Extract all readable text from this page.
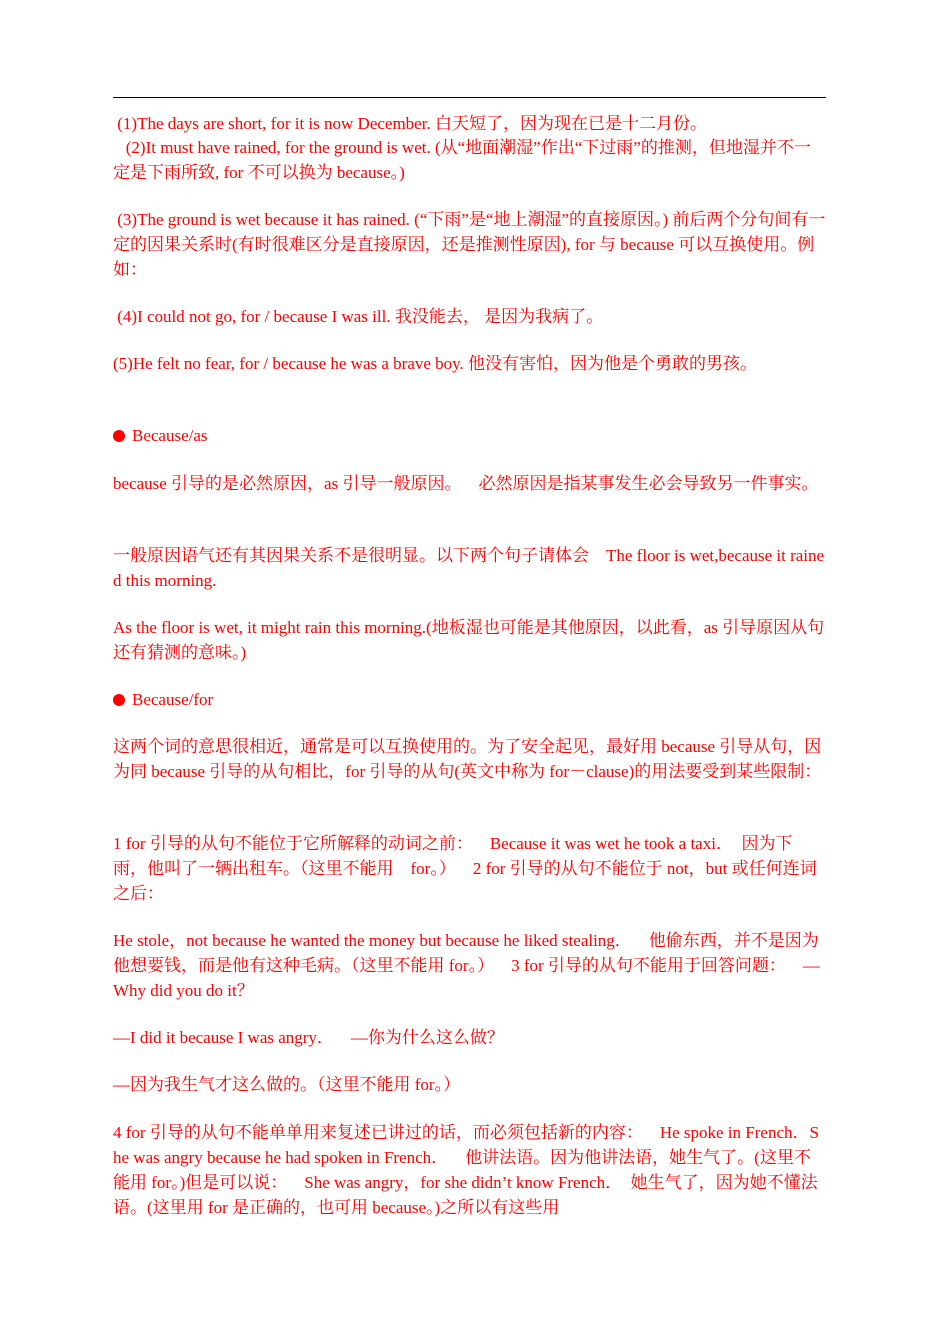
(1)The days are short, for it is now December. 白天短了，因为现在已是十二月份。

(2)It must have rained, for the ground is wet. (从“地面潮湿”作出“下过雨”的推测，但地湿并不一定是下雨所致, for 不可以换为 because。)

(3)The ground is wet because it has rained. (“下雨”是“地上潮湿”的直接原因。) 前后两个分句间有一定的因果关系时(有时很难区分是直接原因，还是推测性原因), for 与 because 可以互换使用。例如：

(4)I could not go, for / because I was ill. 我没能去， 是因为我病了。

(5)He felt no fear, for / because he was a brave boy. 他没有害怕，因为他是个勇敢的男孩。

Because/as

because 引导的是必然原因，as 引导一般原因。    必然原因是指某事发生必会导致另一件事实。

一般原因语气还有其因果关系不是很明显。以下两个句子请体会    The floor is wet,because it rained this morning.

As the floor is wet, it might rain this morning.(地板湿也可能是其他原因，以此看，as 引导原因从句还有猜测的意味。)

Because/for

这两个词的意思很相近，通常是可以互换使用的。为了安全起见，最好用 because 引导从句，因为同 because 引导的从句相比，for 引导的从句(英文中称为 for－clause)的用法要受到某些限制：

1 for 引导的从句不能位于它所解释的动词之前：    Because it was wet he took a taxi．  因为下雨，他叫了一辆出租车。（这里不能用    for。）    2 for 引导的从句不能位于 not，but 或任何连词之后：

He stole，not because he wanted the money but because he liked stealing．    他偷东西，并不是因为他想要钱，而是他有这种毛病。（这里不能用 for。）    3 for 引导的从句不能用于回答问题：    —Why did you do it？

—I did it because I was angry．    —你为什么这么做？

—因为我生气才这么做的。（这里不能用 for。）

4 for 引导的从句不能单单用来复述已讲过的话，而必须包括新的内容：    He spoke in French．She was angry because he had spoken in French．    他讲法语。因为他讲法语，她生气了。(这里不能用 for。)但是可以说：    She was angry，for she didn’t know French．  她生气了，因为她不懂法语。(这里用 for 是正确的，也可用 because。)之所以有这些用
